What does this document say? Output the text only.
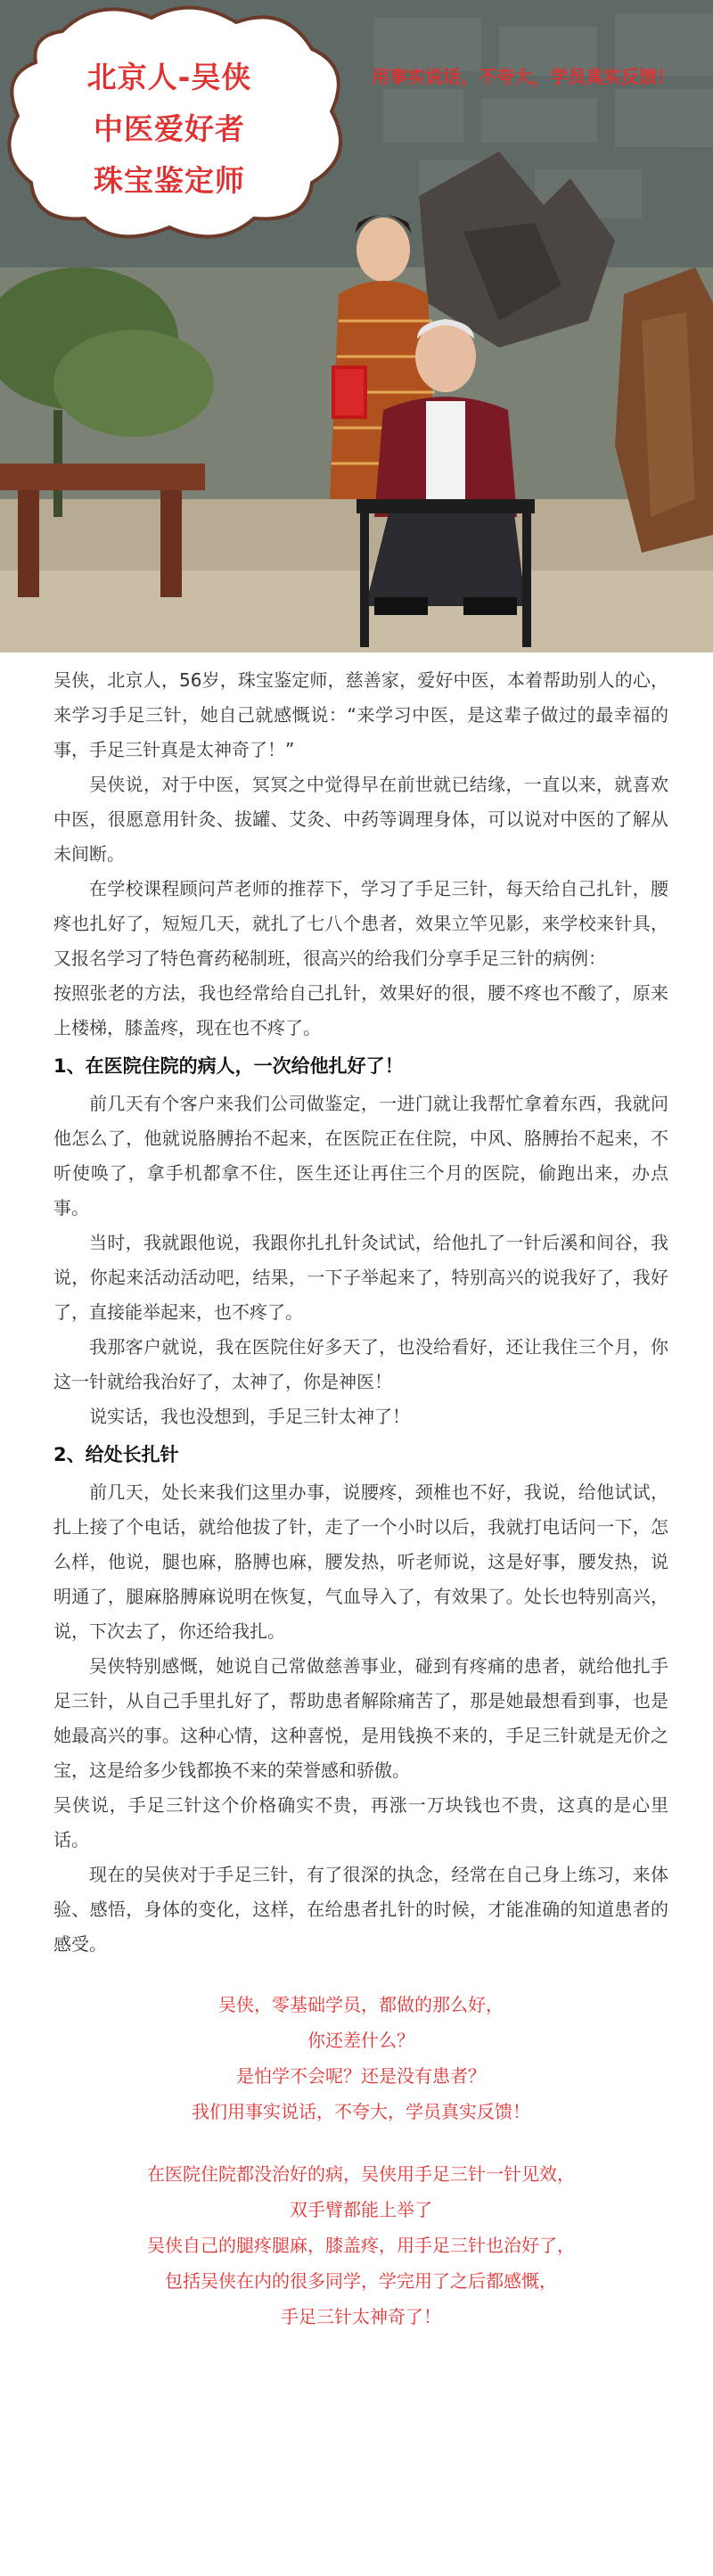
北京人-吴侠
中医爱好者
珠宝鉴定师
用事实说话，不夸大，学员真实反馈！

吴侠，北京人，56岁，珠宝鉴定师，慈善家，爱好中医，本着帮助别人的心，来学习手足三针，她自己就感慨说：“来学习中医，是这辈子做过的最幸福的事，手足三针真是太神奇了！”

吴侠说，对于中医，冥冥之中觉得早在前世就已结缘，一直以来，就喜欢中医，很愿意用针灸、拔罐、艾灸、中药等调理身体，可以说对中医的了解从未间断。

在学校课程顾问芦老师的推荐下，学习了手足三针，每天给自己扎针，腰疼也扎好了，短短几天，就扎了七八个患者，效果立竿见影，来学校来针具，又报名学习了特色膏药秘制班，很高兴的给我们分享手足三针的病例：

按照张老的方法，我也经常给自己扎针，效果好的很，腰不疼也不酸了，原来上楼梯，膝盖疼，现在也不疼了。

1、在医院住院的病人，一次给他扎好了！

前几天有个客户来我们公司做鉴定，一进门就让我帮忙拿着东西，我就问他怎么了，他就说胳膊抬不起来，在医院正在住院，中风、胳膊抬不起来，不听使唤了，拿手机都拿不住，医生还让再住三个月的医院，偷跑出来，办点事。

当时，我就跟他说，我跟你扎扎针灸试试，给他扎了一针后溪和间谷，我说，你起来活动活动吧，结果，一下子举起来了，特别高兴的说我好了，我好了，直接能举起来，也不疼了。

我那客户就说，我在医院住好多天了，也没给看好，还让我住三个月，你这一针就给我治好了，太神了，你是神医！

说实话，我也没想到，手足三针太神了！

2、给处长扎针

前几天，处长来我们这里办事，说腰疼，颈椎也不好，我说，给他试试，扎上接了个电话，就给他拔了针，走了一个小时以后，我就打电话问一下，怎么样，他说，腿也麻，胳膊也麻，腰发热，听老师说，这是好事，腰发热，说明通了，腿麻胳膊麻说明在恢复，气血导入了，有效果了。处长也特别高兴，说，下次去了，你还给我扎。

吴侠特别感慨，她说自己常做慈善事业，碰到有疼痛的患者，就给他扎手足三针，从自己手里扎好了，帮助患者解除痛苦了，那是她最想看到事，也是她最高兴的事。这种心情，这种喜悦，是用钱换不来的，手足三针就是无价之宝，这是给多少钱都换不来的荣誉感和骄傲。

吴侠说，手足三针这个价格确实不贵，再涨一万块钱也不贵，这真的是心里话。

现在的吴侠对于手足三针，有了很深的执念，经常在自己身上练习，来体验、感悟，身体的变化，这样，在给患者扎针的时候，才能准确的知道患者的感受。

吴侠，零基础学员，都做的那么好，

你还差什么？

是怕学不会呢？还是没有患者？

我们用事实说话，不夸大，学员真实反馈！

在医院住院都没治好的病，吴侠用手足三针一针见效，

双手臂都能上举了

吴侠自己的腿疼腿麻，膝盖疼，用手足三针也治好了，

包括吴侠在内的很多同学，学完用了之后都感慨，

手足三针太神奇了！
